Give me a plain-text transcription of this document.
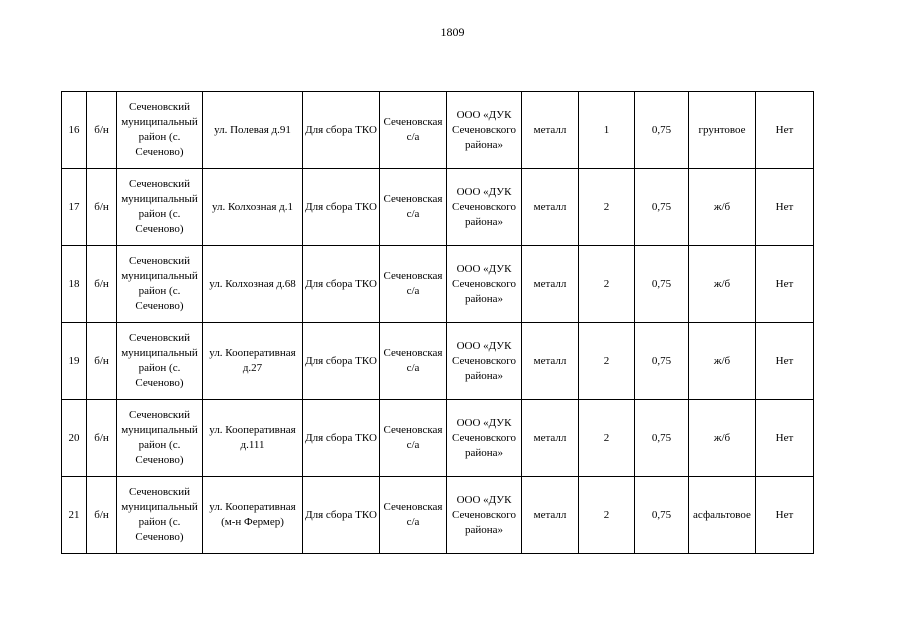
1809
16	б/н	Сеченовский муниципальный район (с. Сеченово)	ул. Полевая д.91	Для сбора ТКО	Сеченовская с/а	ООО «ДУК Сеченовского района»	металл	1	0,75	грунтовое	Нет
17	б/н	Сеченовский муниципальный район (с. Сеченово)	ул. Колхозная д.1	Для сбора ТКО	Сеченовская с/а	ООО «ДУК Сеченовского района»	металл	2	0,75	ж/б	Нет
18	б/н	Сеченовский муниципальный район (с. Сеченово)	ул. Колхозная д.68	Для сбора ТКО	Сеченовская с/а	ООО «ДУК Сеченовского района»	металл	2	0,75	ж/б	Нет
19	б/н	Сеченовский муниципальный район (с. Сеченово)	ул. Кооперативная д.27	Для сбора ТКО	Сеченовская с/а	ООО «ДУК Сеченовского района»	металл	2	0,75	ж/б	Нет
20	б/н	Сеченовский муниципальный район (с. Сеченово)	ул. Кооперативная д.111	Для сбора ТКО	Сеченовская с/а	ООО «ДУК Сеченовского района»	металл	2	0,75	ж/б	Нет
21	б/н	Сеченовский муниципальный район (с. Сеченово)	ул. Кооперативная (м-н Фермер)	Для сбора ТКО	Сеченовская с/а	ООО «ДУК Сеченовского района»	металл	2	0,75	асфальтовое	Нет
